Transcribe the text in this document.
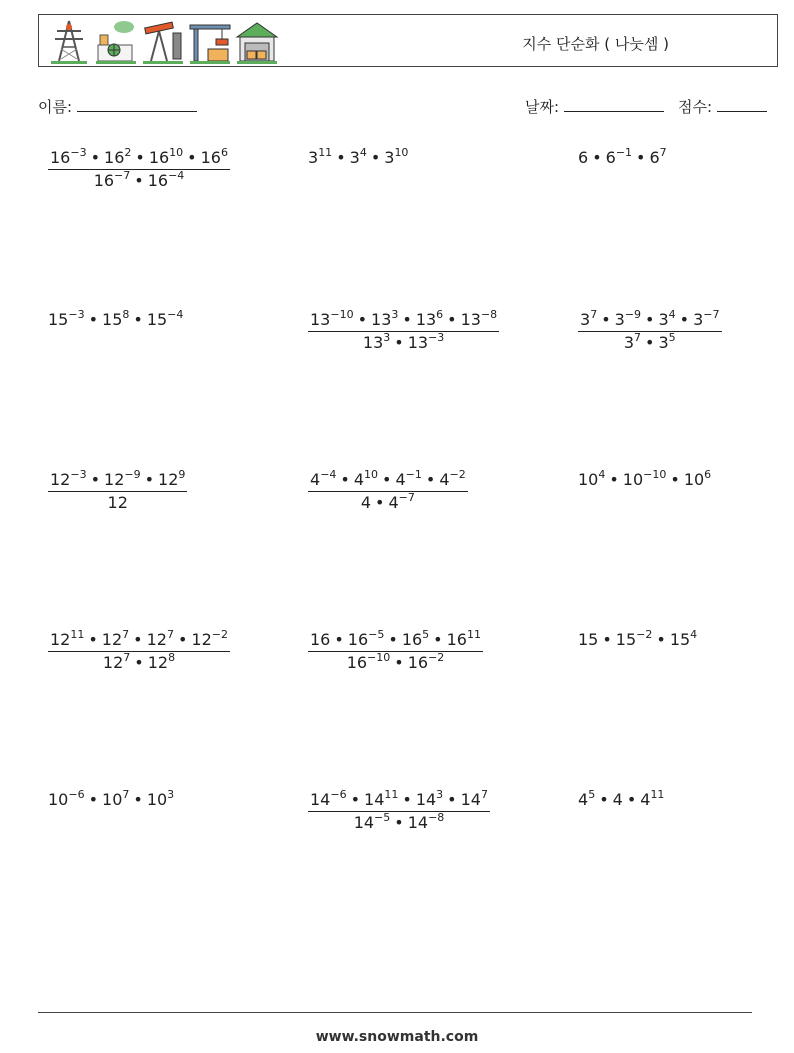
지수 단순화 ( 나눗셈 )
이름:	날짜:	점수:
$\frac{16^{-3} • 16^2 • 16^{10} • 16^6}{16^{-7} • 16^{-4}}$	$3^{11}$ • $3^4$ • $3^{10}$	6 • $6^{-1}$ • $6^7$
$15^{-3}$ • $15^8$ • $15^{-4}$	$\frac{13^{-10} • 13^3 • 13^6 • 13^{-8}}{13^3 • 13^{-3}}$	$\frac{3^7 • 3^{-9} • 3^4 • 3^{-7}}{3^7 • 3^5}$
$\frac{12^{-3} • 12^{-9} • 12^9}{12}$	$\frac{4^{-4} • 4^{10} • 4^{-1} • 4^{-2}}{4 • 4^{-7}}$	$10^4$ • $10^{-10}$ • $10^6$
$\frac{12^{11} • 12^7 • 12^7 • 12^{-2}}{12^7 • 12^8}$	$\frac{16 • 16^{-5} • 16^5 • 16^{11}}{16^{-10} • 16^{-2}}$	15 • $15^{-2}$ • $15^4$
$10^{-6}$ • $10^7$ • $10^3$	$\frac{14^{-6} • 14^{11} • 14^3 • 14^7}{14^{-5} • 14^{-8}}$	$4^5$ • 4 • $4^{11}$
www.snowmath.com
